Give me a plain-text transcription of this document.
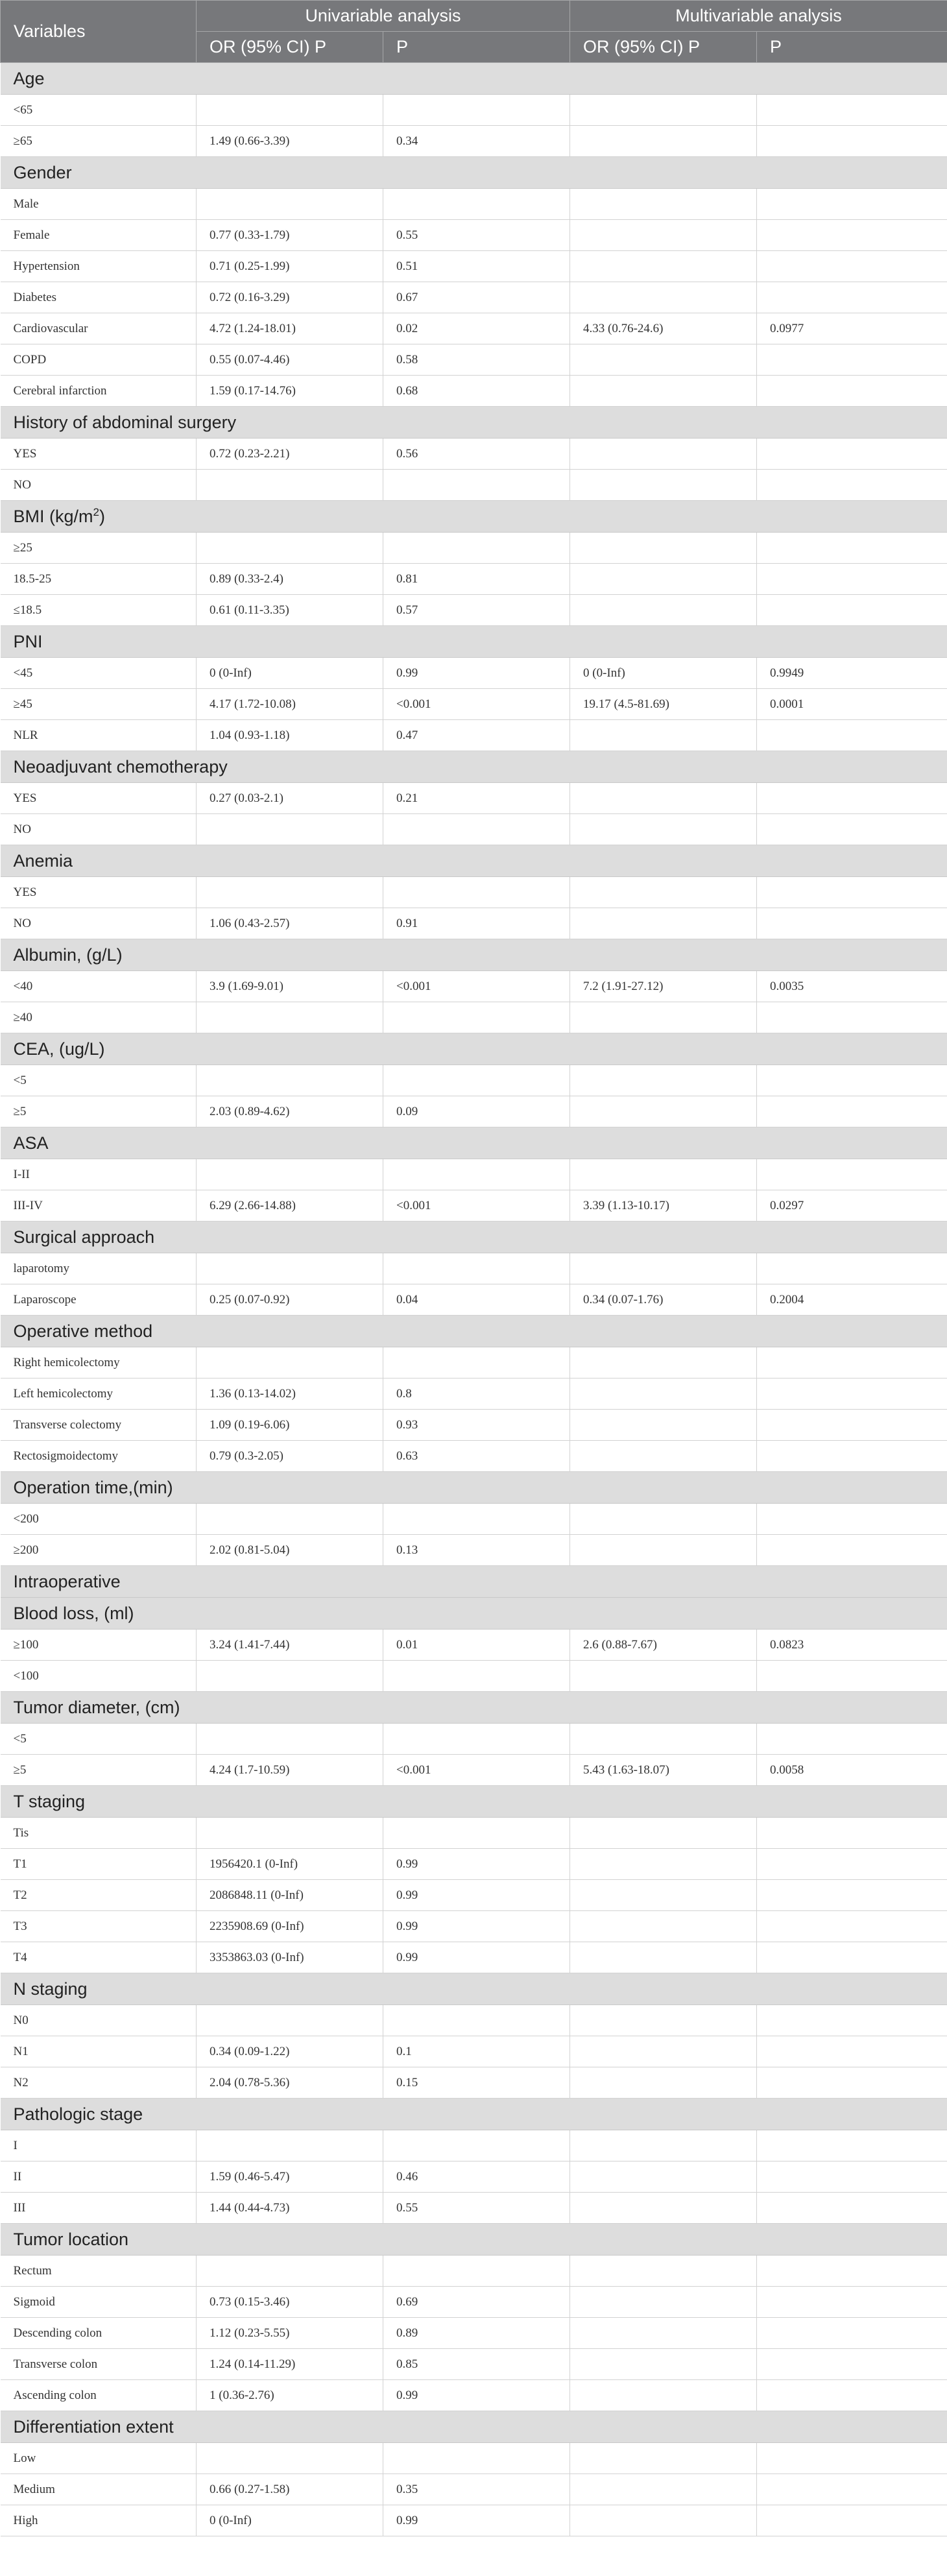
Variables	Univariable analysis		Multivariable analysis	
	OR (95% CI) P	P	OR (95% CI) P	P
Age				
<65				
≥65	1.49 (0.66-3.39)	0.34		
Gender				
Male				
Female	0.77 (0.33-1.79)	0.55		
Hypertension	0.71 (0.25-1.99)	0.51		
Diabetes	0.72 (0.16-3.29)	0.67		
Cardiovascular	4.72 (1.24-18.01)	0.02	4.33 (0.76-24.6)	0.0977
COPD	0.55 (0.07-4.46)	0.58		
Cerebral infarction	1.59 (0.17-14.76)	0.68		
History of abdominal surgery				
YES	0.72 (0.23-2.21)	0.56		
NO				
BMI $(kg/m^2)$				
≥25				
18.5-25	0.89 (0.33-2.4)	0.81		
≤18.5	0.61 (0.11-3.35)	0.57		
PNI				
<45	0 (0-Inf)	0.99	0 (0-Inf)	0.9949
≥45	4.17 (1.72-10.08)	<0.001	19.17 (4.5-81.69)	0.0001
NLR	1.04 (0.93-1.18)	0.47		
Neoadjuvant chemotherapy				
YES	0.27 (0.03-2.1)	0.21		
NO				
Anemia				
YES				
NO	1.06 (0.43-2.57)	0.91		
Albumin, (g/L)				
<40	3.9 (1.69-9.01)	<0.001	7.2 (1.91-27.12)	0.0035
≥40				
CEA, (ug/L)				
<5				
≥5	2.03 (0.89-4.62)	0.09		
ASA				
I-II				
III-IV	6.29 (2.66-14.88)	<0.001	3.39 (1.13-10.17)	0.0297
Surgical approach				
laparotomy				
Laparoscope	0.25 (0.07-0.92)	0.04	0.34 (0.07-1.76)	0.2004
Operative method				
Right hemicolectomy				
Left hemicolectomy	1.36 (0.13-14.02)	0.8		
Transverse colectomy	1.09 (0.19-6.06)	0.93		
Rectosigmoidectomy	0.79 (0.3-2.05)	0.63		
Operation time,(min)				
<200				
≥200	2.02 (0.81-5.04)	0.13		
Intraoperative				
Blood loss, (ml)				
≥100	3.24 (1.41-7.44)	0.01	2.6 (0.88-7.67)	0.0823
<100				
Tumor diameter, (cm)				
<5				
≥5	4.24 (1.7-10.59)	<0.001	5.43 (1.63-18.07)	0.0058
T staging				
Tis				
T1	1956420.1 (0-Inf)	0.99		
T2	2086848.11 (0-Inf)	0.99		
T3	2235908.69 (0-Inf)	0.99		
T4	3353863.03 (0-Inf)	0.99		
N staging				
N0				
N1	0.34 (0.09-1.22)	0.1		
N2	2.04 (0.78-5.36)	0.15		
Pathologic stage				
I				
II	1.59 (0.46-5.47)	0.46		
III	1.44 (0.44-4.73)	0.55		
Tumor location				
Rectum				
Sigmoid	0.73 (0.15-3.46)	0.69		
Descending colon	1.12 (0.23-5.55)	0.89		
Transverse colon	1.24 (0.14-11.29)	0.85		
Ascending colon	1 (0.36-2.76)	0.99		
Differentiation extent				
Low				
Medium	0.66 (0.27-1.58)	0.35		
High	0 (0-Inf)	0.99		
